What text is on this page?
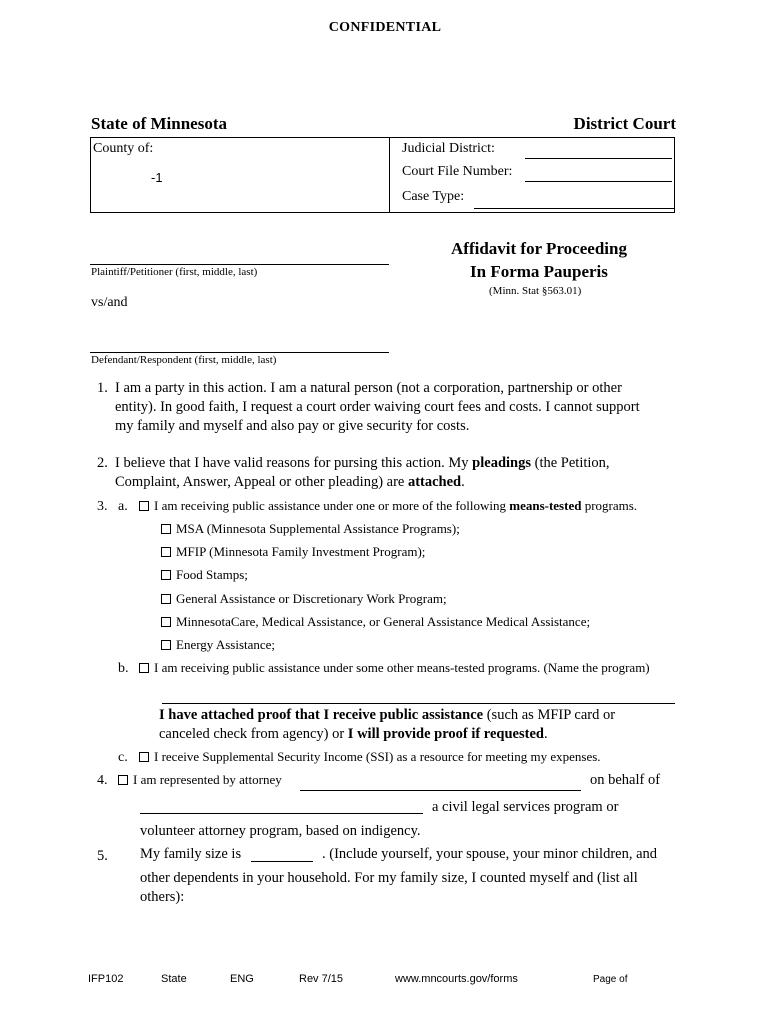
CONFIDENTIAL
State of Minnesota	District Court
County of:
-1
Judicial District:
Court File Number:
Case Type:
Plaintiff/Petitioner (first, middle, last)
vs/and
Defendant/Respondent (first, middle, last)
Affidavit for Proceeding
In Forma Pauperis
(Minn. Stat §563.01)
1. I am a party in this action. I am a natural person (not a corporation, partnership or other
entity). In good faith, I request a court order waiving court fees and costs. I cannot support
my family and myself and also pay or give security for costs.
2. I believe that I have valid reasons for pursing this action. My pleadings (the Petition,
Complaint, Answer, Appeal or other pleading) are attached.
3. a.	I am receiving public assistance under one or more of the following means-tested programs.
MSA (Minnesota Supplemental Assistance Programs);
MFIP (Minnesota Family Investment Program);
Food Stamps;
General Assistance or Discretionary Work Program;
MinnesotaCare, Medical Assistance, or General Assistance Medical Assistance;
Energy Assistance;
b.	I am receiving public assistance under some other means-tested programs. (Name the program)
I have attached proof that I receive public assistance (such as MFIP card or
canceled check from agency) or I will provide proof if requested.
c.	I receive Supplemental Security Income (SSI) as a resource for meeting my expenses.
4.	I am represented by attorney	on behalf of
a civil legal services program or
volunteer attorney program, based on indigency.
5. My family size is	. (Include yourself, your spouse, your minor children, and
other dependents in your household. For my family size, I counted myself and (list all
others):
IFP102	State	ENG	Rev 7/15	www.mncourts.gov/forms	Page of
